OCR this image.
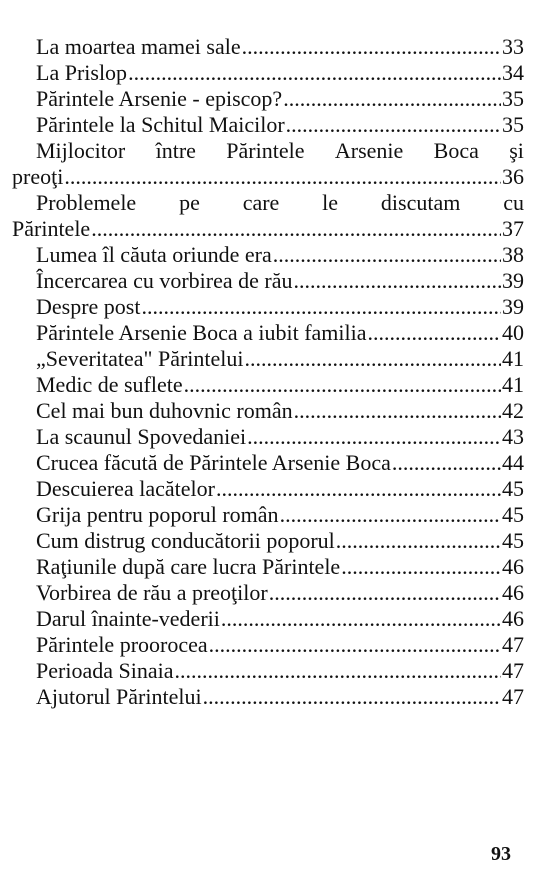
La moartea mamei sale .....	33
La Prislop .....	34
Părintele Arsenie - episcop? .....	35
Părintele la Schitul Maicilor .....	35
Mijlocitor între Părintele Arsenie Boca şi
preoţi .....	36
Problemele pe care le discutam cu
Părintele .....	37
Lumea îl căuta oriunde era .....	38
Încercarea cu vorbirea de rău .....	39
Despre post .....	39
Părintele Arsenie Boca a iubit familia .....	40
„Severitatea" Părintelui .....	41
Medic de suflete .....	41
Cel mai bun duhovnic român .....	42
La scaunul Spovedaniei .....	43
Crucea făcută de Părintele Arsenie Boca .....	44
Descuierea lacătelor .....	45
Grija pentru poporul român .....	45
Cum distrug conducătorii poporul .....	45
Raţiunile după care lucra Părintele .....	46
Vorbirea de rău a preoţilor .....	46
Darul înainte-vederii .....	46
Părintele proorocea .....	47
Perioada Sinaia .....	47
Ajutorul Părintelui .....	47
93
